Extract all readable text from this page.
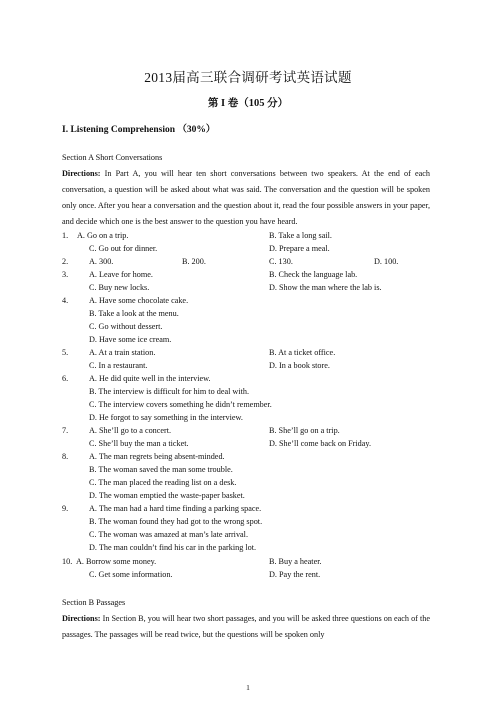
2013届高三联合调研考试英语试题
第 I 卷（105 分）
I. Listening Comprehension （30%）
Section A Short Conversations
Directions: In Part A, you will hear ten short conversations between two speakers. At the end of each conversation, a question will be asked about what was said. The conversation and the question will be spoken only once. After you hear a conversation and the question about it, read the four possible answers in your paper, and decide which one is the best answer to the question you have heard.
1. A. Go on a trip.	B. Take a long sail.
C. Go out for dinner.	D. Prepare a meal.
2.	A. 300.	B. 200.	C. 130.	D. 100.
3.	A. Leave for home.	B. Check the language lab.
C. Buy new locks.	D. Show the man where the lab is.
4.	A. Have some chocolate cake.
B. Take a look at the menu.
C. Go without dessert.
D. Have some ice cream.
5.	A. At a train station.	B. At a ticket office.
C. In a restaurant.	D. In a book store.
6.	A. He did quite well in the interview.
B. The interview is difficult for him to deal with.
C. The interview covers something he didn’t remember.
D. He forgot to say something in the interview.
7.	A. She’ll go to a concert.	B. She’ll go on a trip.
C. She’ll buy the man a ticket.	D. She’ll come back on Friday.
8.	A. The man regrets being absent-minded.
B. The woman saved the man some trouble.
C. The man placed the reading list on a desk.
D. The woman emptied the waste-paper basket.
9.	A. The man had a hard time finding a parking space.
B. The woman found they had got to the wrong spot.
C. The woman was amazed at man’s late arrival.
D. The man couldn’t find his car in the parking lot.
10. A. Borrow some money.	B. Buy a heater.
C. Get some information.	D. Pay the rent.
Section B Passages
Directions: In Section B, you will hear two short passages, and you will be asked three questions on each of the passages. The passages will be read twice, but the questions will be spoken only
1
